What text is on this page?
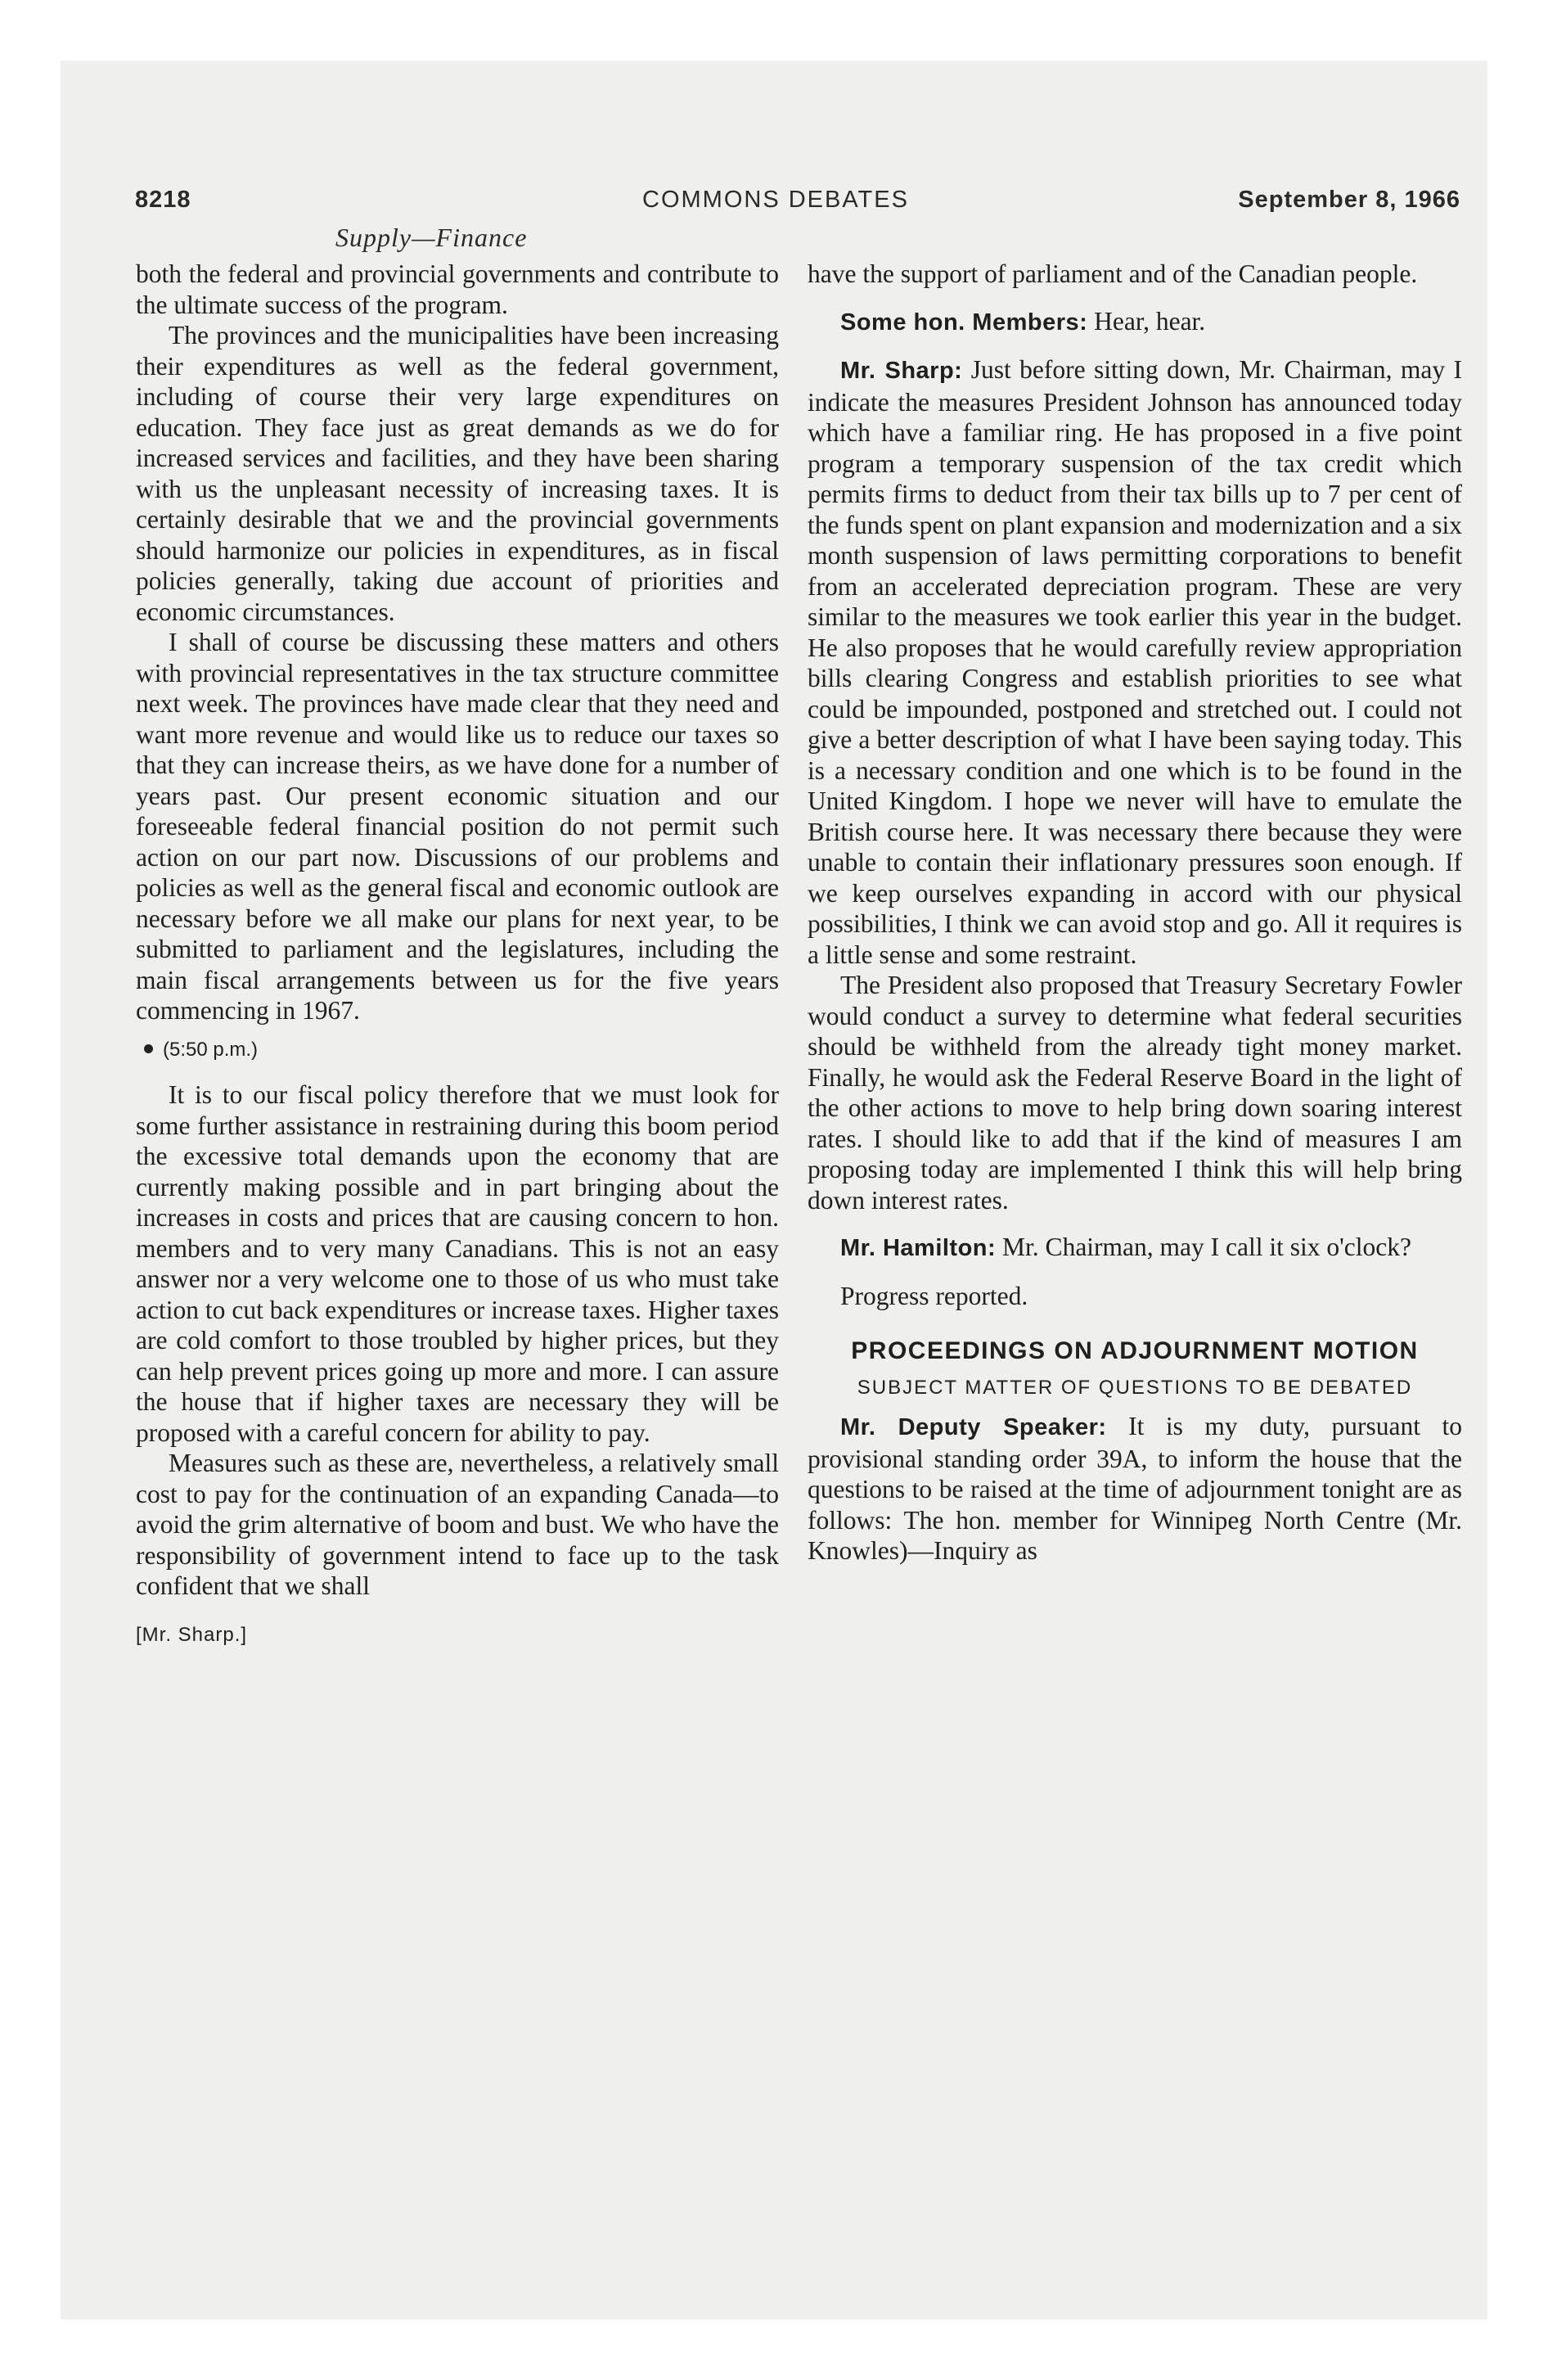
8218	COMMONS DEBATES	September 8, 1966
Supply—Finance

both the federal and provincial governments and contribute to the ultimate success of the program.

The provinces and the municipalities have been increasing their expenditures as well as the federal government, including of course their very large expenditures on education. They face just as great demands as we do for increased services and facilities, and they have been sharing with us the unpleasant necessity of increasing taxes. It is certainly desirable that we and the provincial governments should harmonize our policies in expenditures, as in fiscal policies generally, taking due account of priorities and economic circumstances.

I shall of course be discussing these matters and others with provincial representatives in the tax structure committee next week. The provinces have made clear that they need and want more revenue and would like us to reduce our taxes so that they can increase theirs, as we have done for a number of years past. Our present economic situation and our foreseeable federal financial position do not permit such action on our part now. Discussions of our problems and policies as well as the general fiscal and economic outlook are necessary before we all make our plans for next year, to be submitted to parliament and the legislatures, including the main fiscal arrangements between us for the five years commencing in 1967.

(5:50 p.m.)

It is to our fiscal policy therefore that we must look for some further assistance in restraining during this boom period the excessive total demands upon the economy that are currently making possible and in part bringing about the increases in costs and prices that are causing concern to hon. members and to very many Canadians. This is not an easy answer nor a very welcome one to those of us who must take action to cut back expenditures or increase taxes. Higher taxes are cold comfort to those troubled by higher prices, but they can help prevent prices going up more and more. I can assure the house that if higher taxes are necessary they will be proposed with a careful concern for ability to pay.

Measures such as these are, nevertheless, a relatively small cost to pay for the continuation of an expanding Canada—to avoid the grim alternative of boom and bust. We who have the responsibility of government intend to face up to the task confident that we shall

[Mr. Sharp.]

have the support of parliament and of the Canadian people.

Some hon. Members: Hear, hear.

Mr. Sharp: Just before sitting down, Mr. Chairman, may I indicate the measures President Johnson has announced today which have a familiar ring. He has proposed in a five point program a temporary suspension of the tax credit which permits firms to deduct from their tax bills up to 7 per cent of the funds spent on plant expansion and modernization and a six month suspension of laws permitting corporations to benefit from an accelerated depreciation program. These are very similar to the measures we took earlier this year in the budget. He also proposes that he would carefully review appropriation bills clearing Congress and establish priorities to see what could be impounded, postponed and stretched out. I could not give a better description of what I have been saying today. This is a necessary condition and one which is to be found in the United Kingdom. I hope we never will have to emulate the British course here. It was necessary there because they were unable to contain their inflationary pressures soon enough. If we keep ourselves expanding in accord with our physical possibilities, I think we can avoid stop and go. All it requires is a little sense and some restraint.

The President also proposed that Treasury Secretary Fowler would conduct a survey to determine what federal securities should be withheld from the already tight money market. Finally, he would ask the Federal Reserve Board in the light of the other actions to move to help bring down soaring interest rates. I should like to add that if the kind of measures I am proposing today are implemented I think this will help bring down interest rates.

Mr. Hamilton: Mr. Chairman, may I call it six o'clock?

Progress reported.

PROCEEDINGS ON ADJOURNMENT MOTION
SUBJECT MATTER OF QUESTIONS TO BE DEBATED

Mr. Deputy Speaker: It is my duty, pursuant to provisional standing order 39A, to inform the house that the questions to be raised at the time of adjournment tonight are as follows: The hon. member for Winnipeg North Centre (Mr. Knowles)—Inquiry as
